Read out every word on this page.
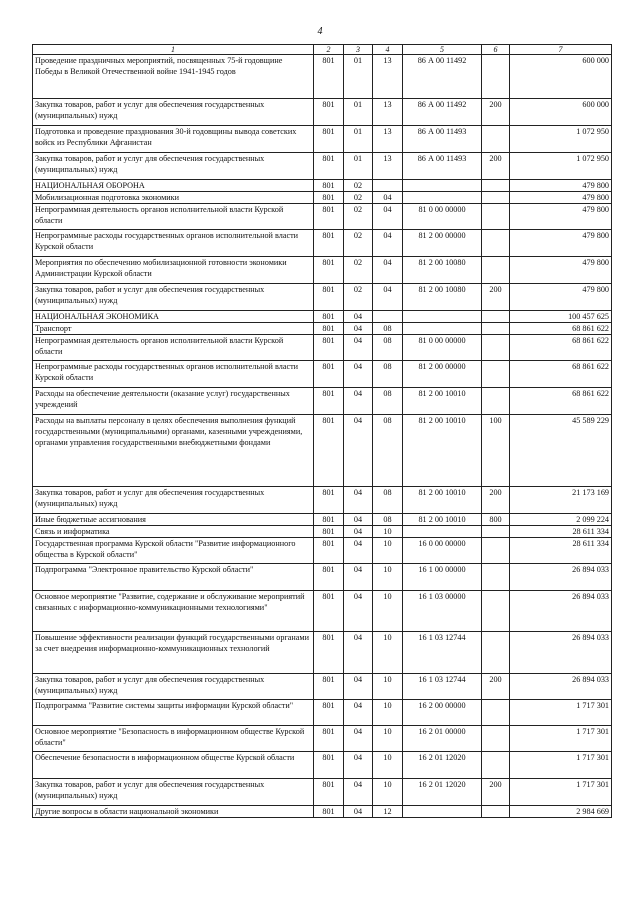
4
1	2	3	4	5	6	7
Проведение праздничных мероприятий, посвященных 75-й годовщине Победы в Великой Отечественной войне 1941-1945 годов	801	01	13	86 А 00 11492		600 000
Закупка товаров, работ и услуг для обеспечения государственных (муниципальных) нужд	801	01	13	86 А 00 11492	200	600 000
Подготовка и проведение празднования 30-й годовщины вывода советских войск из Республики Афганистан	801	01	13	86 А 00 11493		1 072 950
Закупка товаров, работ и услуг для обеспечения государственных (муниципальных) нужд	801	01	13	86 А 00 11493	200	1 072 950
НАЦИОНАЛЬНАЯ ОБОРОНА	801	02				479 800
Мобилизационная подготовка экономики	801	02	04			479 800
Непрограммная деятельность органов исполнительной власти Курской области	801	02	04	81 0 00 00000		479 800
Непрограммные расходы государственных органов исполнительной власти Курской области	801	02	04	81 2 00 00000		479 800
Мероприятия по обеспечению мобилизационной готовности экономики Администрации Курской области	801	02	04	81 2 00 10080		479 800
Закупка товаров, работ и услуг для обеспечения государственных (муниципальных) нужд	801	02	04	81 2 00 10080	200	479 800
НАЦИОНАЛЬНАЯ ЭКОНОМИКА	801	04				100 457 625
Транспорт	801	04	08			68 861 622
Непрограммная деятельность органов исполнительной власти Курской области	801	04	08	81 0 00 00000		68 861 622
Непрограммные расходы государственных органов исполнительной власти Курской области	801	04	08	81 2 00 00000		68 861 622
Расходы на обеспечение деятельности (оказание услуг) государственных учреждений	801	04	08	81 2 00 10010		68 861 622
Расходы на выплаты персоналу в целях обеспечения выполнения функций государственными (муниципальными) органами, казенными учреждениями, органами управления государственными внебюджетными фондами	801	04	08	81 2 00 10010	100	45 589 229
Закупка товаров, работ и услуг для обеспечения государственных (муниципальных) нужд	801	04	08	81 2 00 10010	200	21 173 169
Иные бюджетные ассигнования	801	04	08	81 2 00 10010	800	2 099 224
Связь и информатика	801	04	10			28 611 334
Государственная программа Курской области "Развитие информационного общества в Курской области"	801	04	10	16 0 00 00000		28 611 334
Подпрограмма "Электронное правительство Курской области"	801	04	10	16 1 00 00000		26 894 033
Основное мероприятие "Развитие, содержание и обслуживание мероприятий связанных с информационно-коммуникационными технологиями"	801	04	10	16 1 03 00000		26 894 033
Повышение эффективности реализации функций государственными органами за счет внедрения информационно-коммуникационных технологий	801	04	10	16 1 03 12744		26 894 033
Закупка товаров, работ и услуг для обеспечения государственных (муниципальных) нужд	801	04	10	16 1 03 12744	200	26 894 033
Подпрограмма "Развитие системы защиты информации Курской области"	801	04	10	16 2 00 00000		1 717 301
Основное мероприятие "Безопасность в информационном обществе Курской области"	801	04	10	16 2 01 00000		1 717 301
Обеспечение безопасности в информационном обществе Курской области	801	04	10	16 2 01 12020		1 717 301
Закупка товаров, работ и услуг для обеспечения государственных (муниципальных) нужд	801	04	10	16 2 01 12020	200	1 717 301
Другие вопросы в области национальной экономики	801	04	12			2 984 669
